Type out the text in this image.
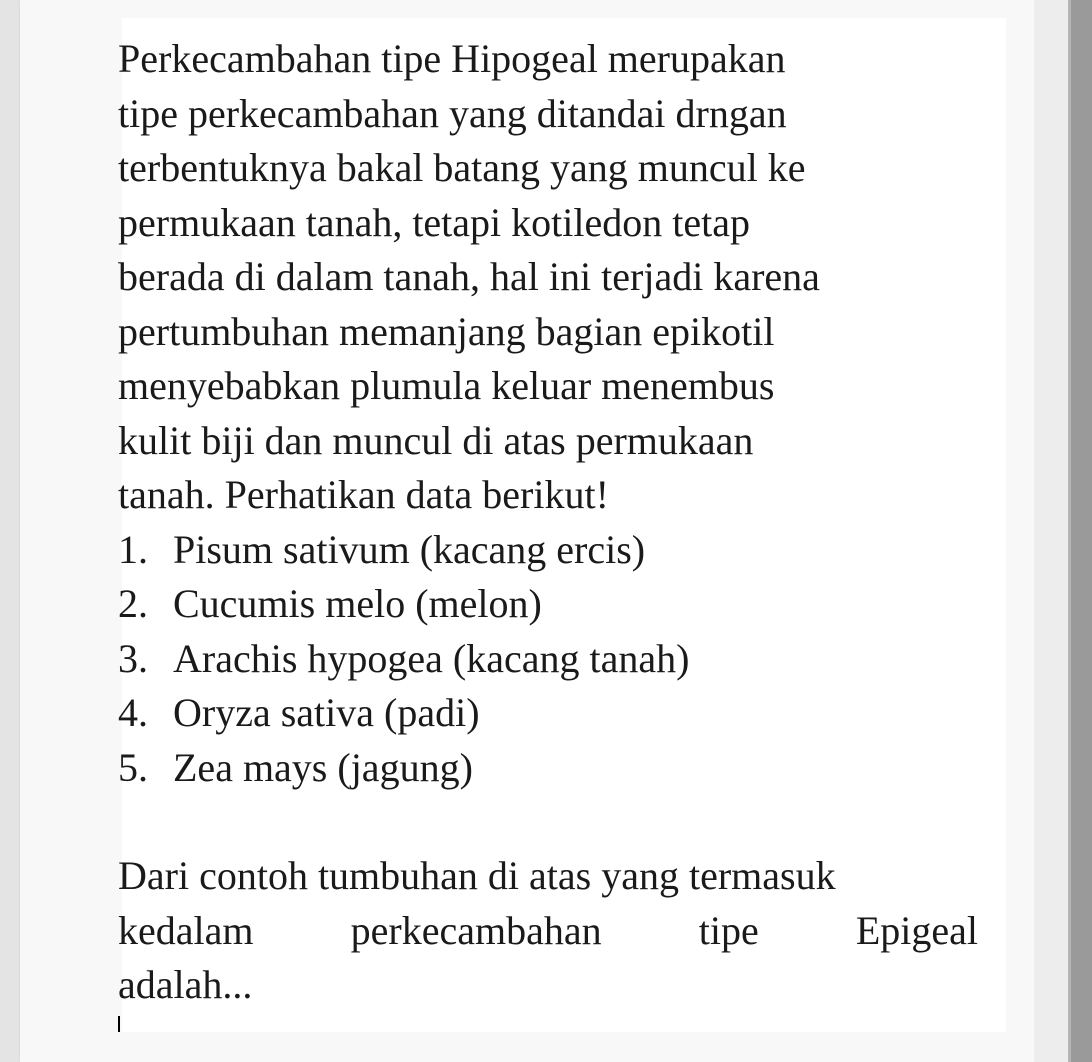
Perkecambahan tipe Hipogeal merupakan
tipe perkecambahan yang ditandai drngan
terbentuknya bakal batang yang muncul ke
permukaan tanah, tetapi kotiledon tetap
berada di dalam tanah, hal ini terjadi karena
pertumbuhan memanjang bagian epikotil
menyebabkan plumula keluar menembus
kulit biji dan muncul di atas permukaan
tanah. Perhatikan data berikut!
1. Pisum sativum (kacang ercis)
2. Cucumis melo (melon)
3. Arachis hypogea (kacang tanah)
4. Oryza sativa (padi)
5. Zea mays (jagung)
Dari contoh tumbuhan di atas yang termasuk
kedalam perkecambahan tipe Epigeal
adalah...
